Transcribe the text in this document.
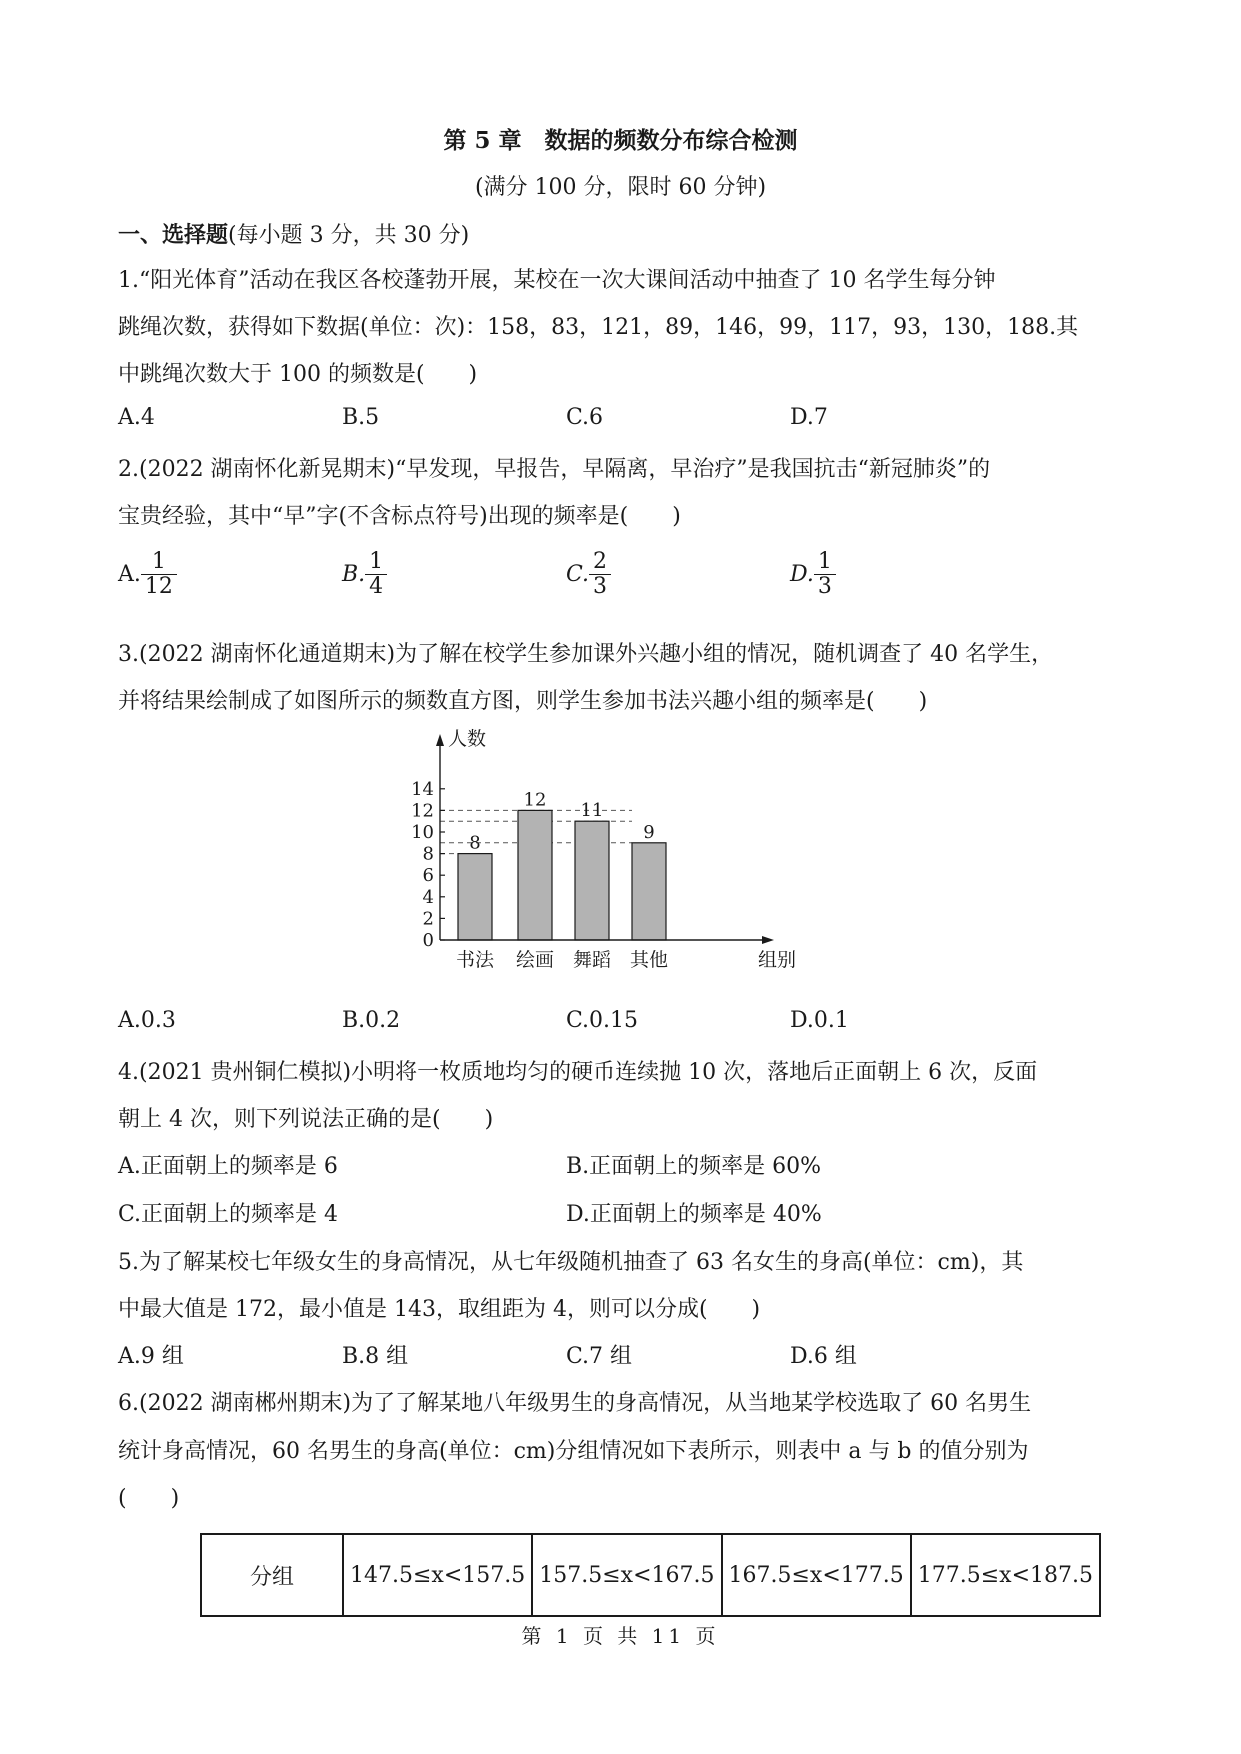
第 5 章　数据的频数分布综合检测
(满分 100 分，限时 60 分钟)
一、选择题(每小题 3 分，共 30 分)
1.“阳光体育”活动在我区各校蓬勃开展，某校在一次大课间活动中抽查了 10 名学生每分钟
跳绳次数，获得如下数据(单位：次)：158，83，121，89，146，99，117，93，130，188.其
中跳绳次数大于 100 的频数是(　　)
A.4	B.5	C.6	D.7
2.(2022 湖南怀化新晃期末)“早发现，早报告，早隔离，早治疗”是我国抗击“新冠肺炎”的
宝贵经验，其中“早”字(不含标点符号)出现的频率是(　　)
A. $\frac{1}{12}$	B. $\frac{1}{4}$	C. $\frac{2}{3}$	D. $\frac{1}{3}$
3.(2022 湖南怀化通道期末)为了解在校学生参加课外兴趣小组的情况，随机调查了 40 名学生，
并将结果绘制成了如图所示的频数直方图，则学生参加书法兴趣小组的频率是(　　)
8
书法
12
绘画
11
舞蹈
9
其他
0
2
4
6
8
10
12
14
人数
组别
A.0.3	B.0.2	C.0.15	D.0.1
4.(2021 贵州铜仁模拟)小明将一枚质地均匀的硬币连续抛 10 次，落地后正面朝上 6 次，反面
朝上 4 次，则下列说法正确的是(　　)
A.正面朝上的频率是 6	B.正面朝上的频率是 60%
C.正面朝上的频率是 4	D.正面朝上的频率是 40%
5.为了解某校七年级女生的身高情况，从七年级随机抽查了 63 名女生的身高(单位：cm)，其
中最大值是 172，最小值是 143，取组距为 4，则可以分成(　　)
A.9 组	B.8 组	C.7 组	D.6 组
6.(2022 湖南郴州期末)为了了解某地八年级男生的身高情况，从当地某学校选取了 60 名男生
统计身高情况，60 名男生的身高(单位：cm)分组情况如下表所示，则表中 a 与 b 的值分别为
(　　)
分组	147.5≤x<157.5	157.5≤x<167.5	167.5≤x<177.5	177.5≤x<187.5
第 1 页 共 11 页
